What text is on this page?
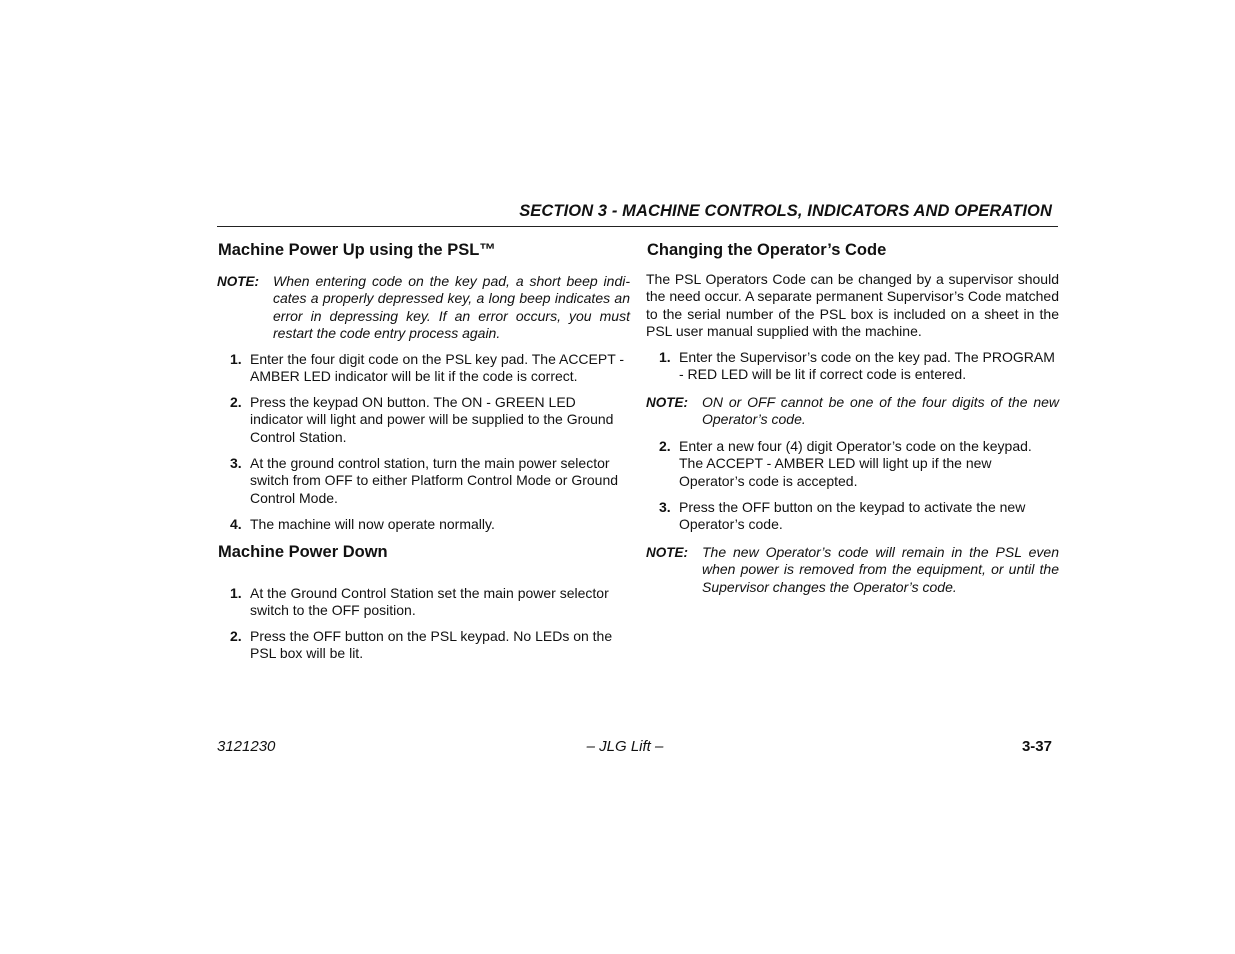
SECTION 3 - MACHINE CONTROLS, INDICATORS AND OPERATION
Machine Power Up using the PSL™
NOTE:	When entering code on the key pad, a short beep indi-cates a properly depressed key, a long beep indicates an error in depressing key. If an error occurs, you must restart the code entry process again.
1. Enter the four digit code on the PSL key pad. The ACCEPT - AMBER LED indicator will be lit if the code is correct.
2. Press the keypad ON button. The ON - GREEN LED indicator will light and power will be supplied to the Ground Control Station.
3. At the ground control station, turn the main power selector switch from OFF to either Platform Control Mode or Ground Control Mode.
4. The machine will now operate normally.
Machine Power Down
1. At the Ground Control Station set the main power selector switch to the OFF position.
2. Press the OFF button on the PSL keypad. No LEDs on the PSL box will be lit.
Changing the Operator’s Code
The PSL Operators Code can be changed by a supervisor should the need occur. A separate permanent Supervisor’s Code matched to the serial number of the PSL box is included on a sheet in the PSL user manual supplied with the machine.
1. Enter the Supervisor’s code on the key pad. The PROGRAM - RED LED will be lit if correct code is entered.
NOTE:	ON or OFF cannot be one of the four digits of the new Operator’s code.
2. Enter a new four (4) digit Operator’s code on the keypad. The ACCEPT - AMBER LED will light up if the new Operator’s code is accepted.
3. Press the OFF button on the keypad to activate the new Operator’s code.
NOTE:	The new Operator’s code will remain in the PSL even when power is removed from the equipment, or until the Supervisor changes the Operator’s code.
3121230	– JLG Lift –	3-37
